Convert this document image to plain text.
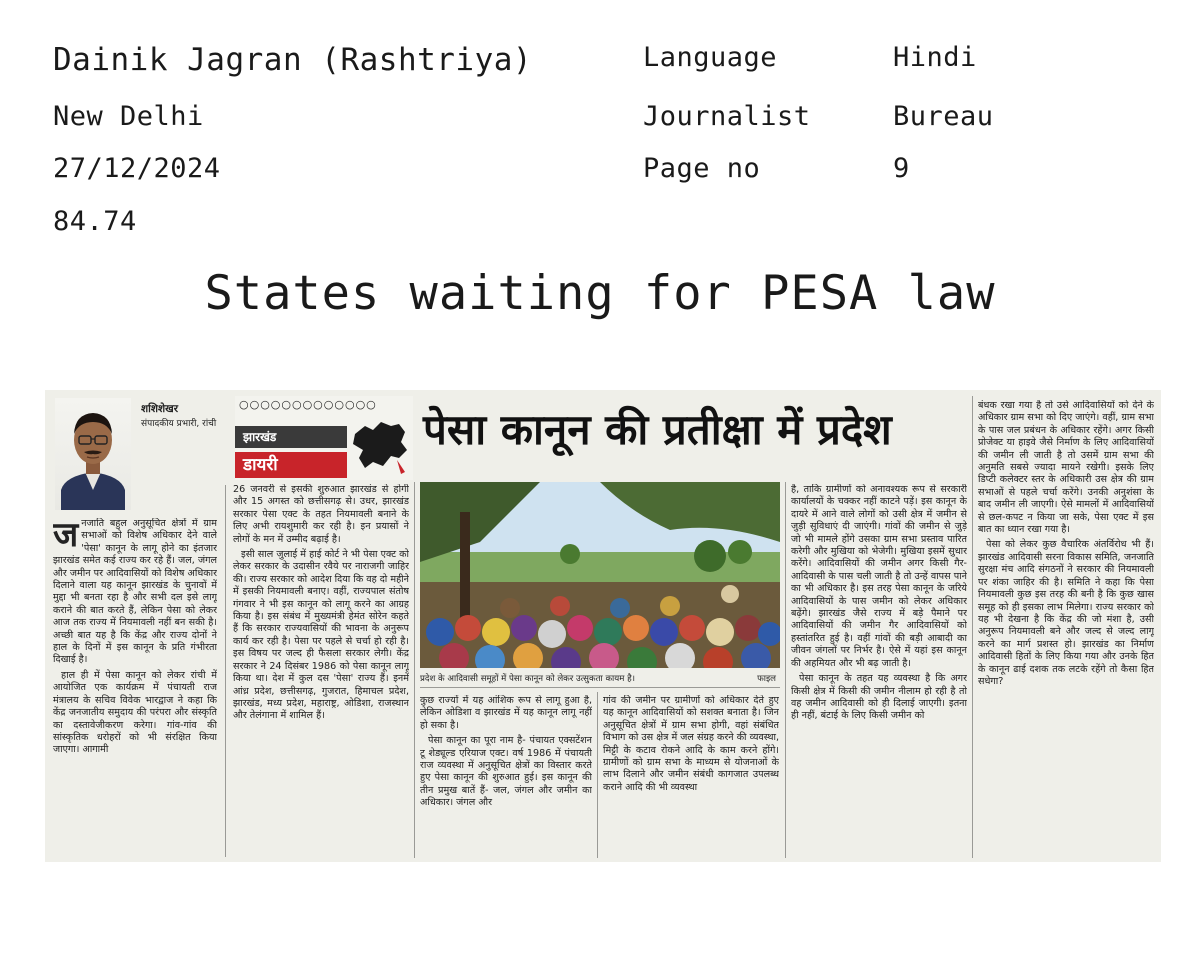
Dainik Jagran (Rashtriya)
New Delhi
27/12/2024
84.74
Language
Journalist
Page no
Hindi
Bureau
9
States waiting for PESA law
शशिशेखर
संपादकीय प्रभारी, रांची
○○○○○○○○○○○○○
झारखंड
डायरी
पेसा कानून की प्रतीक्षा में प्रदेश

जनजाति बहुल अनुसूचित क्षेत्रों में ग्राम सभाओं को विशेष अधिकार देने वाले 'पेसा' कानून के लागू होने का इंतजार झारखंड समेत कई राज्य कर रहे हैं। जल, जंगल और जमीन पर आदिवासियों को विशेष अधिकार दिलाने वाला यह कानून झारखंड के चुनावों में मुद्दा भी बनता रहा है और सभी दल इसे लागू कराने की बात करते हैं, लेकिन पेसा को लेकर आज तक राज्य में नियमावली नहीं बन सकी है। अच्छी बात यह है कि केंद्र और राज्य दोनों ने हाल के दिनों में इस कानून के प्रति गंभीरता दिखाई है।

हाल ही में पेसा कानून को लेकर रांची में आयोजित एक कार्यक्रम में पंचायती राज मंत्रालय के सचिव विवेक भारद्वाज ने कहा कि केंद्र जनजातीय समुदाय की परंपरा और संस्कृति का दस्तावेजीकरण करेगा। गांव-गांव की सांस्कृतिक धरोहरों को भी संरक्षित किया जाएगा। आगामी

26 जनवरी से इसकी शुरुआत झारखंड से होगी और 15 अगस्त को छत्तीसगढ़ से। उधर, झारखंड सरकार पेसा एक्ट के तहत नियमावली बनाने के लिए अभी रायशुमारी कर रही है। इन प्रयासों ने लोगों के मन में उम्मीद बढ़ाई है।

इसी साल जुलाई में हाई कोर्ट ने भी पेसा एक्ट को लेकर सरकार के उदासीन रवैये पर नाराजगी जाहिर की। राज्य सरकार को आदेश दिया कि वह दो महीने में इसकी नियमावली बनाए। वहीं, राज्यपाल संतोष गंगवार ने भी इस कानून को लागू करने का आग्रह किया है। इस संबंध में मुख्यमंत्री हेमंत सोरेन कहते हैं कि सरकार राज्यवासियों की भावना के अनुरूप कार्य कर रही है। पेसा पर पहले से चर्चा हो रही है। इस विषय पर जल्द ही फैसला सरकार लेगी। केंद्र सरकार ने 24 दिसंबर 1986 को पेसा कानून लागू किया था। देश में कुल दस 'पेसा' राज्य हैं। इनमें आंध्र प्रदेश, छत्तीसगढ़, गुजरात, हिमाचल प्रदेश, झारखंड, मध्य प्रदेश, महाराष्ट्र, ओडिशा, राजस्थान और तेलंगाना में शामिल हैं।

प्रदेश के आदिवासी समूहों में पेसा कानून को लेकर उत्सुकता कायम है।	फाइल

कुछ राज्यों में यह आंशिक रूप से लागू हुआ है, लेकिन ओडिशा व झारखंड में यह कानून लागू नहीं हो सका है।

पेसा कानून का पूरा नाम है- पंचायत एक्सटेंशन टू शेड्यूल्ड एरियाज एक्ट। वर्ष 1986 में पंचायती राज व्यवस्था में अनुसूचित क्षेत्रों का विस्तार करते हुए पेसा कानून की शुरुआत हुई। इस कानून की तीन प्रमुख बातें हैं- जल, जंगल और जमीन का अधिकार। जंगल और

गांव की जमीन पर ग्रामीणों को अधिकार देते हुए यह कानून आदिवासियों को सशक्त बनाता है। जिन अनुसूचित क्षेत्रों में ग्राम सभा होगी, वहां संबंधित विभाग को उस क्षेत्र में जल संग्रह करने की व्यवस्था, मिट्टी के कटाव रोकने आदि के काम करने होंगे। ग्रामीणों को ग्राम सभा के माध्यम से योजनाओं के लाभ दिलाने और जमीन संबंधी कागजात उपलब्ध कराने आदि की भी व्यवस्था

है, ताकि ग्रामीणों को अनावश्यक रूप से सरकारी कार्यालयों के चक्कर नहीं काटने पड़ें। इस कानून के दायरे में आने वाले लोगों को उसी क्षेत्र में जमीन से जुड़ी सुविधाएं दी जाएंगी। गांवों की जमीन से जुड़े जो भी मामले होंगे उसका ग्राम सभा प्रस्ताव पारित करेगी और मुखिया को भेजेगी। मुखिया इसमें सुधार करेंगे। आदिवासियों की जमीन अगर किसी गैर-आदिवासी के पास चली जाती है तो उन्हें वापस पाने का भी अधिकार है। इस तरह पेसा कानून के जरिये आदिवासियों के पास जमीन को लेकर अधिकार बढ़ेंगे। झारखंड जैसे राज्य में बड़े पैमाने पर आदिवासियों की जमीन गैर आदिवासियों को हस्तांतरित हुई है। वहीं गांवों की बड़ी आबादी का जीवन जंगलों पर निर्भर है। ऐसे में यहां इस कानून की अहमियत और भी बढ़ जाती है।

पेसा कानून के तहत यह व्यवस्था है कि अगर किसी क्षेत्र में किसी की जमीन नीलाम हो रही है तो वह जमीन आदिवासी को ही दिलाई जाएगी। इतना ही नहीं, बंटाई के लिए किसी जमीन को

बंधक रखा गया है तो उसे आदिवासियों को देने के अधिकार ग्राम सभा को दिए जाएंगे। वहीं, ग्राम सभा के पास जल प्रबंधन के अधिकार रहेंगे। अगर किसी प्रोजेक्ट या हाइवे जैसे निर्माण के लिए आदिवासियों की जमीन ली जाती है तो उसमें ग्राम सभा की अनुमति सबसे ज्यादा मायने रखेगी। इसके लिए डिप्टी कलेक्टर स्तर के अधिकारी उस क्षेत्र की ग्राम सभाओं से पहले चर्चा करेंगे। उनकी अनुशंसा के बाद जमीन ली जाएगी। ऐसे मामलों में आदिवासियों से छल-कपट न किया जा सके, पेसा एक्ट में इस बात का ध्यान रखा गया है।

पेसा को लेकर कुछ वैचारिक अंतर्विरोध भी हैं। झारखंड आदिवासी सरना विकास समिति, जनजाति सुरक्षा मंच आदि संगठनों ने सरकार की नियमावली पर शंका जाहिर की है। समिति ने कहा कि पेसा नियमावली कुछ इस तरह की बनी है कि कुछ खास समूह को ही इसका लाभ मिलेगा। राज्य सरकार को यह भी देखना है कि केंद्र की जो मंशा है, उसी अनुरूप नियमावली बने और जल्द से जल्द लागू करने का मार्ग प्रशस्त हो। झारखंड का निर्माण आदिवासी हितों के लिए किया गया और उनके हित के कानून ढाई दशक तक लटके रहेंगे तो कैसा हित सधेगा?
